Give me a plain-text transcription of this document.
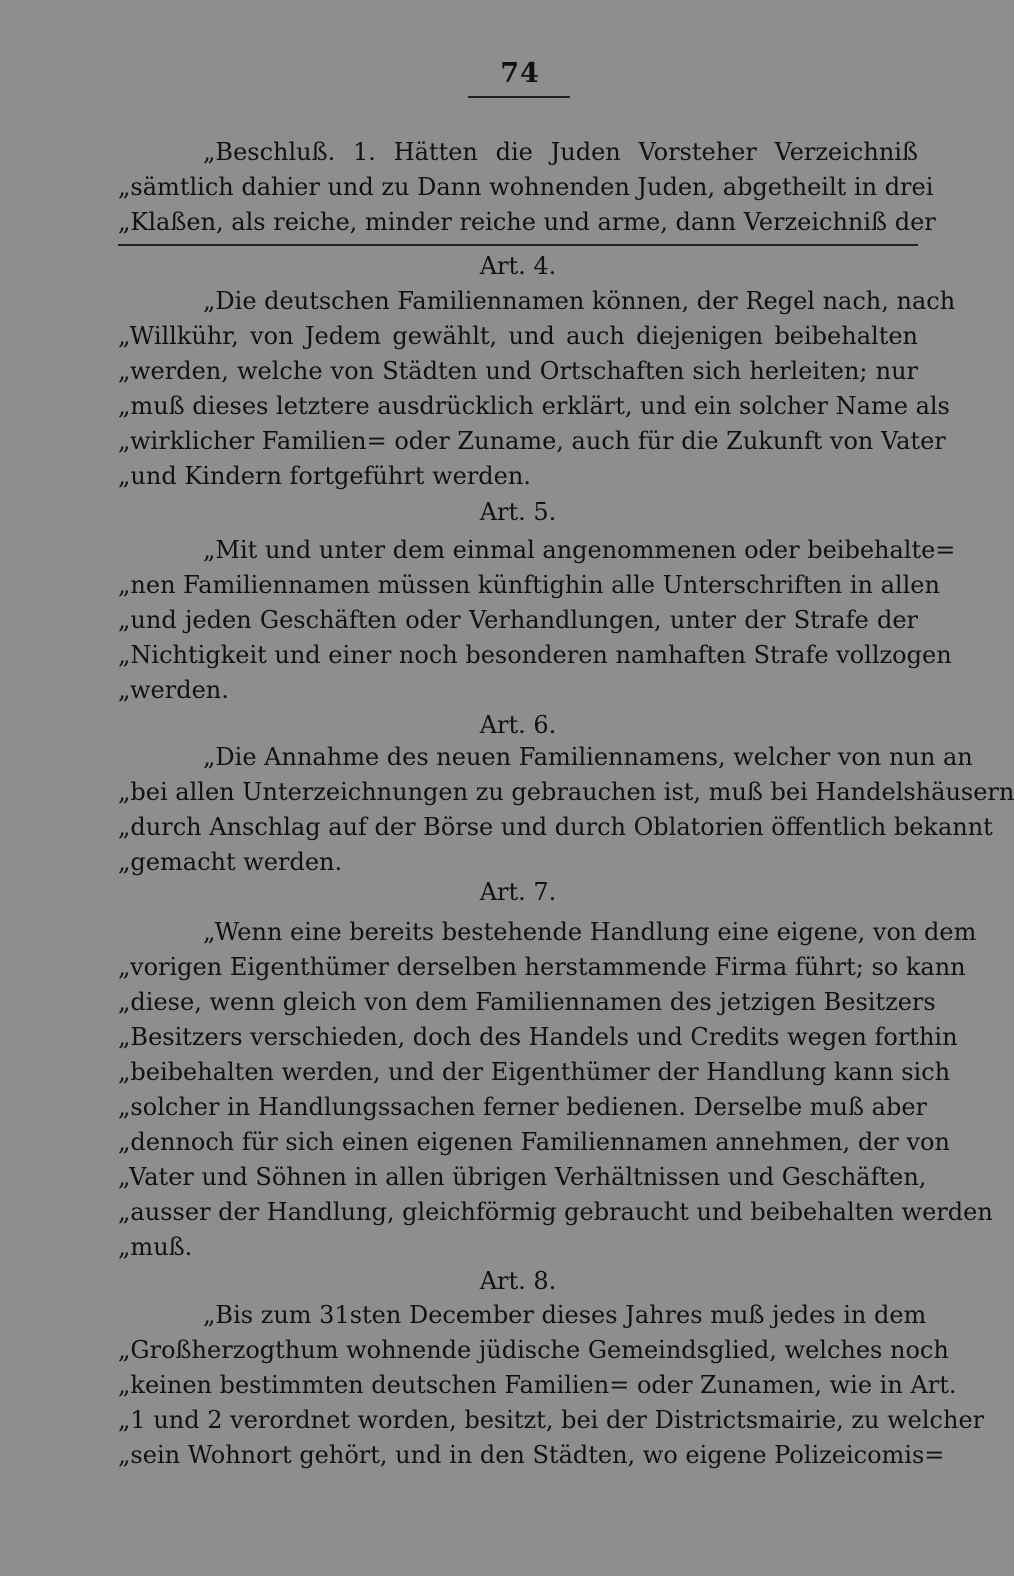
74
„Beschluß. 1. Hätten die Juden Vorsteher Verzeichniß
„sämtlich dahier und zu Dann wohnenden Juden, abgetheilt in drei
„Klaßen, als reiche, minder reiche und arme, dann Verzeichniß der
Art. 4.
„Die deutschen Familiennamen können, der Regel nach, nach
„Willkühr, von Jedem gewählt, und auch diejenigen beibehalten
„werden, welche von Städten und Ortschaften sich herleiten; nur
„muß dieses letztere ausdrücklich erklärt, und ein solcher Name als
„wirklicher Familien= oder Zuname, auch für die Zukunft von Vater
„und Kindern fortgeführt werden.
Art. 5.
„Mit und unter dem einmal angenommenen oder beibehalte=
„nen Familiennamen müssen künftighin alle Unterschriften in allen
„und jeden Geschäften oder Verhandlungen, unter der Strafe der
„Nichtigkeit und einer noch besonderen namhaften Strafe vollzogen
„werden.
Art. 6.
„Die Annahme des neuen Familiennamens, welcher von nun an
„bei allen Unterzeichnungen zu gebrauchen ist, muß bei Handelshäusern
„durch Anschlag auf der Börse und durch Oblatorien öffentlich bekannt
„gemacht werden.
Art. 7.
„Wenn eine bereits bestehende Handlung eine eigene, von dem
„vorigen Eigenthümer derselben herstammende Firma führt; so kann
„diese, wenn gleich von dem Familiennamen des jetzigen Besitzers
„Besitzers verschieden, doch des Handels und Credits wegen forthin
„beibehalten werden, und der Eigenthümer der Handlung kann sich
„solcher in Handlungssachen ferner bedienen. Derselbe muß aber
„dennoch für sich einen eigenen Familiennamen annehmen, der von
„Vater und Söhnen in allen übrigen Verhältnissen und Geschäften,
„ausser der Handlung, gleichförmig gebraucht und beibehalten werden
„muß.
Art. 8.
„Bis zum 31sten December dieses Jahres muß jedes in dem
„Großherzogthum wohnende jüdische Gemeindsglied, welches noch
„keinen bestimmten deutschen Familien= oder Zunamen, wie in Art.
„1 und 2 verordnet worden, besitzt, bei der Districtsmairie, zu welcher
„sein Wohnort gehört, und in den Städten, wo eigene Polizeicomis=
